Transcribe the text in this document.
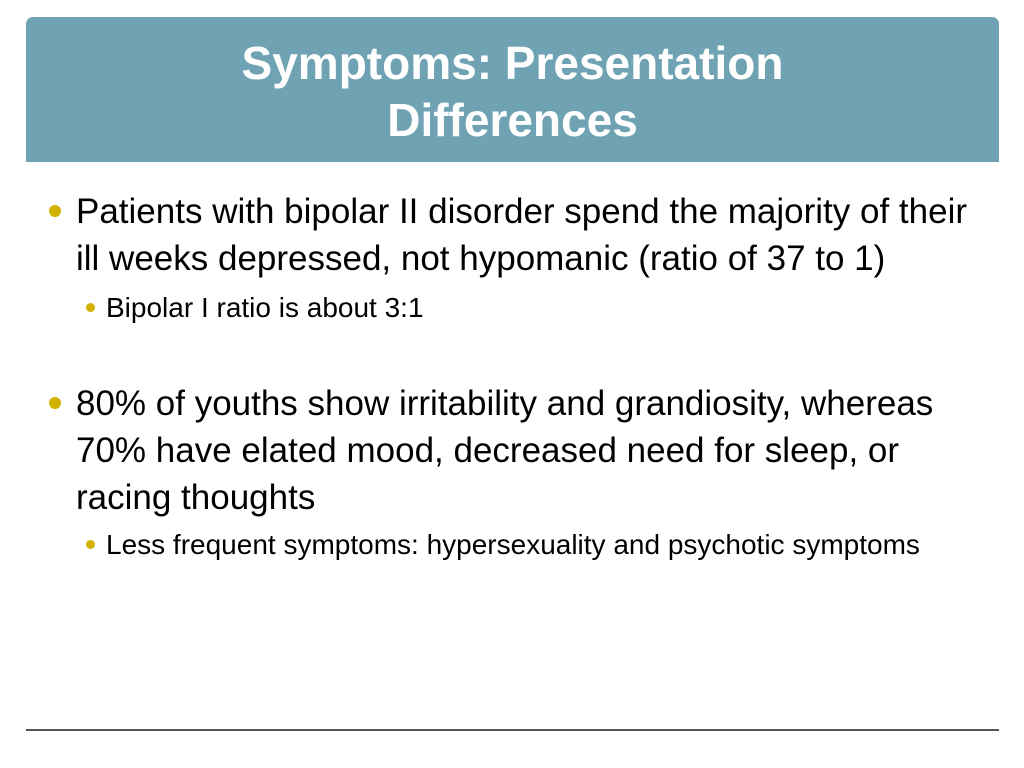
Symptoms: Presentation Differences
Patients with bipolar II disorder spend the majority of their ill weeks depressed, not hypomanic (ratio of 37 to 1)
Bipolar I ratio is about 3:1
80% of youths show irritability and grandiosity, whereas 70% have elated mood, decreased need for sleep, or racing thoughts
Less frequent symptoms: hypersexuality and psychotic symptoms
